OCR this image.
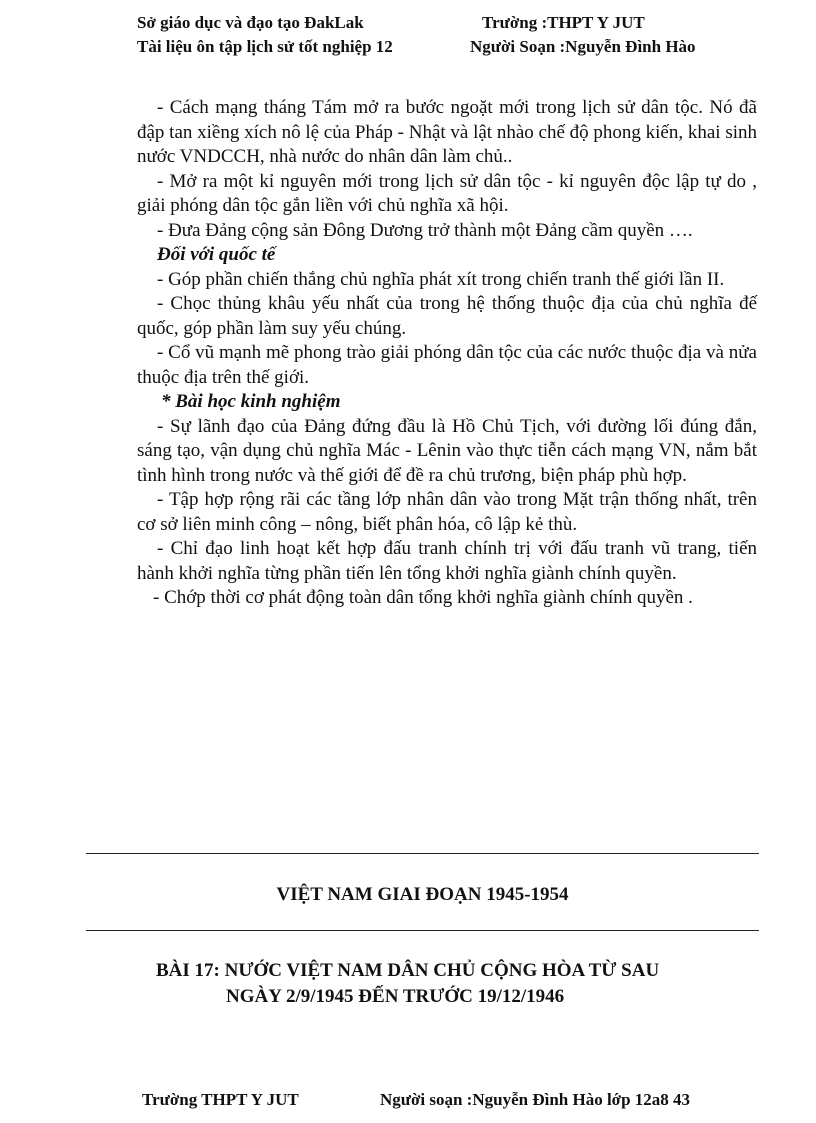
Sở giáo dục và đạo tạo ĐakLak	Trường :THPT Y JUT
Tài liệu ôn tập lịch sử tốt nghiệp 12	Người Soạn :Nguyễn Đình Hào

- Cách mạng tháng Tám mở ra bước ngoặt mới trong lịch sử dân tộc. Nó đã đập tan xiềng xích nô lệ của Pháp - Nhật và lật nhào chế độ phong kiến, khai sinh nước VNDCCH, nhà nước do nhân dân làm chủ..

- Mở ra một kỉ nguyên mới trong lịch sử dân tộc - kỉ nguyên độc lập tự do , giải phóng dân tộc gắn liền với chủ nghĩa xã hội.

- Đưa Đảng cộng sản Đông Dương trở thành một Đảng cầm quyền ….

Đối với quốc tế

- Góp phần chiến thắng chủ nghĩa phát xít trong chiến tranh thế giới lần II.

- Chọc thủng khâu yếu nhất của trong hệ thống thuộc địa của chủ nghĩa đế quốc, góp phần làm suy yếu chúng.

- Cổ vũ mạnh mẽ phong trào giải phóng dân tộc của các nước thuộc địa và nửa thuộc địa trên thế giới.

* Bài học kinh nghiệm

- Sự lãnh đạo của Đảng đứng đầu là Hồ Chủ Tịch, với đường lối đúng đắn, sáng tạo, vận dụng chủ nghĩa Mác - Lênin vào thực tiễn cách mạng VN, nắm bắt tình hình trong nước và thế giới để đề ra chủ trương, biện pháp phù hợp.

- Tập hợp rộng rãi các tầng lớp nhân dân vào trong Mặt trận thống nhất, trên cơ sở liên minh công – nông, biết phân hóa, cô lập kẻ thù.

- Chỉ đạo linh hoạt kết hợp đấu tranh chính trị với đấu tranh vũ trang, tiến hành khởi nghĩa từng phần tiến lên tổng khởi nghĩa giành chính quyền.

- Chớp thời cơ phát động toàn dân tổng khởi nghĩa giành chính quyền .

VIỆT NAM GIAI ĐOẠN 1945-1954
BÀI 17: NƯỚC VIỆT NAM DÂN CHỦ CỘNG HÒA TỪ SAU
NGÀY 2/9/1945 ĐẾN TRƯỚC 19/12/1946
Trường THPT Y JUT	Người soạn :Nguyễn Đình Hào lớp 12a8 43
